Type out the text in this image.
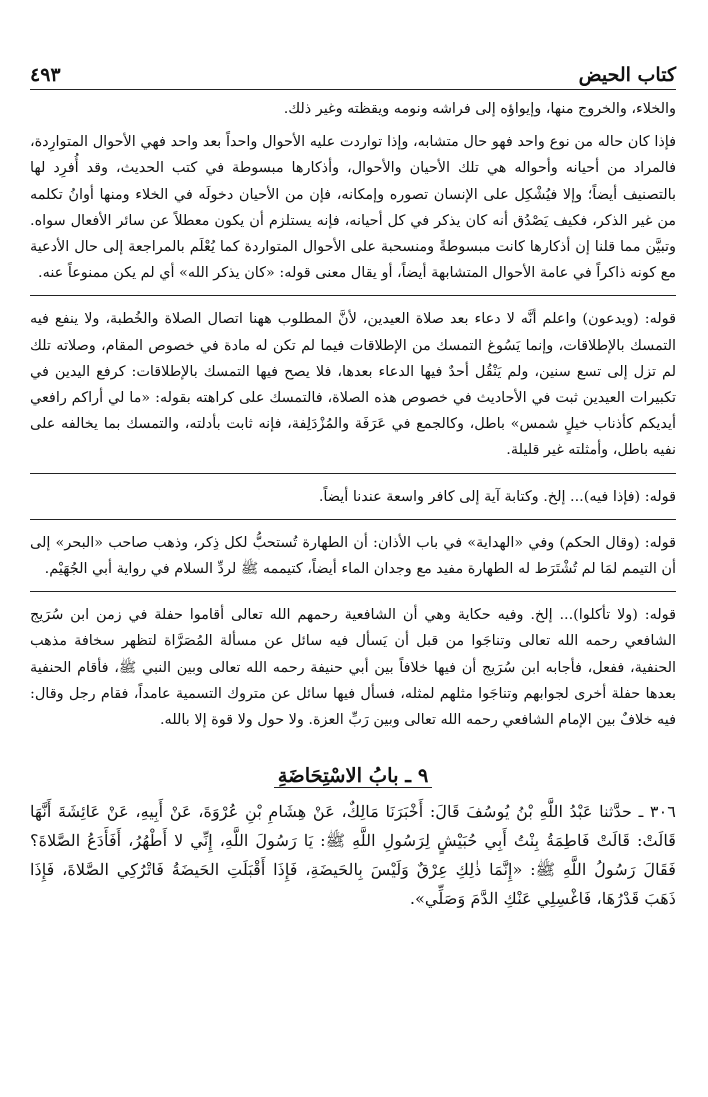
كتاب الحيض
٤٩٣

والخلاء، والخروج منها، وإيواؤه إلى فراشه ونومه ويقظته وغير ذلك.

فإذا كان حاله من نوع واحد فهو حال متشابه، وإذا تواردت عليه الأحوال واحداً بعد واحد فهي الأحوال المتوارِدة، فالمراد من أحيانه وأحواله هي تلك الأحيان والأحوال، وأذكارها مبسوطة في كتب الحديث، وقد أُفرِد لها بالتصنيف أيضاً؛ وإلا فيُشْكِل على الإنسان تصوره وإمكانه، فإن من الأحيان دخولَه في الخلاء ومنها أوانُ تكلمه من غير الذكر، فكيف يَصْدُق أنه كان يذكر في كل أحيانه، فإنه يستلزم أن يكون معطلاً عن سائر الأفعال سواه. وتبيَّن مما قلنا إن أذكارها كانت مبسوطةً ومنسحبة على الأحوال المتواردة كما يُعْلَم بالمراجعة إلى حال الأدعية مع كونه ذاكراً في عامة الأحوال المتشابهة أيضاً، أو يقال معنى قوله: «كان يذكر الله» أي لم يكن ممنوعاً عنه.

قوله: (ويدعون) واعلم أنَّه لا دعاء بعد صلاة العيدين، لأنَّ المطلوب ههنا اتصال الصلاة والخُطبة، ولا ينفع فيه التمسك بالإطلاقات، وإنما يَسُوغ التمسك من الإطلاقات فيما لم تكن له مادة في خصوص المقام، وصلاته تلك لم تزل إلى تسع سنين، ولم يَنْقُل أحدٌ فيها الدعاء بعدها، فلا يصح فيها التمسك بالإطلاقات: كرفع اليدين في تكبيرات العيدين ثبت في الأحاديث في خصوص هذه الصلاة، فالتمسك على كراهته بقوله: «ما لي أراكم رافعي أيديكم كأذناب خيلٍ شمس» باطل، وكالجمع في عَرَفَة والمُزْدَلِفة، فإنه ثابت بأدلته، والتمسك بما يخالفه على نفيه باطل، وأمثلته غير قليلة.

قوله: (فإذا فيه)... إلخ. وكتابة آية إلى كافر واسعة عندنا أيضاً.

قوله: (وقال الحكم) وفي «الهداية» في باب الأذان: أن الطهارة تُستحبُّ لكل ذِكر، وذهب صاحب «البحر» إلى أن التيمم لمَا لم تُشْتَرَط له الطهارة مفيد مع وجدان الماء أيضاً، كتيممه ﷺ لردِّ السلام في رواية أبي الجُهَيْم.

قوله: (ولا تأكلوا)... إلخ. وفيه حكاية وهي أن الشافعية رحمهم الله تعالى أقاموا حفلة في زمن ابن سُرَيج الشافعي رحمه الله تعالى وتناجَوا من قبل أن يَسأل فيه سائل عن مسألة المُصَرَّاة لتظهر سخافة مذهب الحنفية، ففعل، فأجابه ابن سُرَيج أن فيها خلافاً بين أبي حنيفة رحمه الله تعالى وبين النبي ﷺ، فأقام الحنفية بعدها حفلة أخرى لجوابهم وتناجَوا مثلهم لمثله، فسأل فيها سائل عن متروك التسمية عامداً، فقام رجل وقال: فيه خلافٌ بين الإمام الشافعي رحمه الله تعالى وبين رَبِّ العزة. ولا حول ولا قوة إلا بالله.

٩ ـ بابُ الاسْتِحَاضَةِ

٣٠٦ ـ حدَّثنا عَبْدُ اللَّهِ بْنُ يُوسُفَ قَالَ: أَخْبَرَنَا مَالِكٌ، عَنْ هِشَامِ بْنِ عُرْوَةَ، عَنْ أَبِيهِ، عَنْ عَائِشَةَ أَنَّهَا قَالَتْ: قَالَتْ فَاطِمَةُ بِنْتُ أَبِي حُبَيْشٍ لِرَسُولِ اللَّهِ ﷺ: يَا رَسُولَ اللَّهِ، إِنِّي لا أَطْهُرُ، أَفَأَدَعُ الصَّلاةَ؟ فَقَالَ رَسُولُ اللَّهِ ﷺ: «إِنَّمَا ذٰلِكِ عِرْقٌ وَلَيْسَ بِالحَيضَةِ، فَإِذَا أَقْبَلَتِ الحَيضَةُ فَاتْرُكِي الصَّلاةَ، فَإِذَا ذَهَبَ قَدْرُهَا، فَاغْسِلِي عَنْكِ الدَّمَ وَصَلِّي».
